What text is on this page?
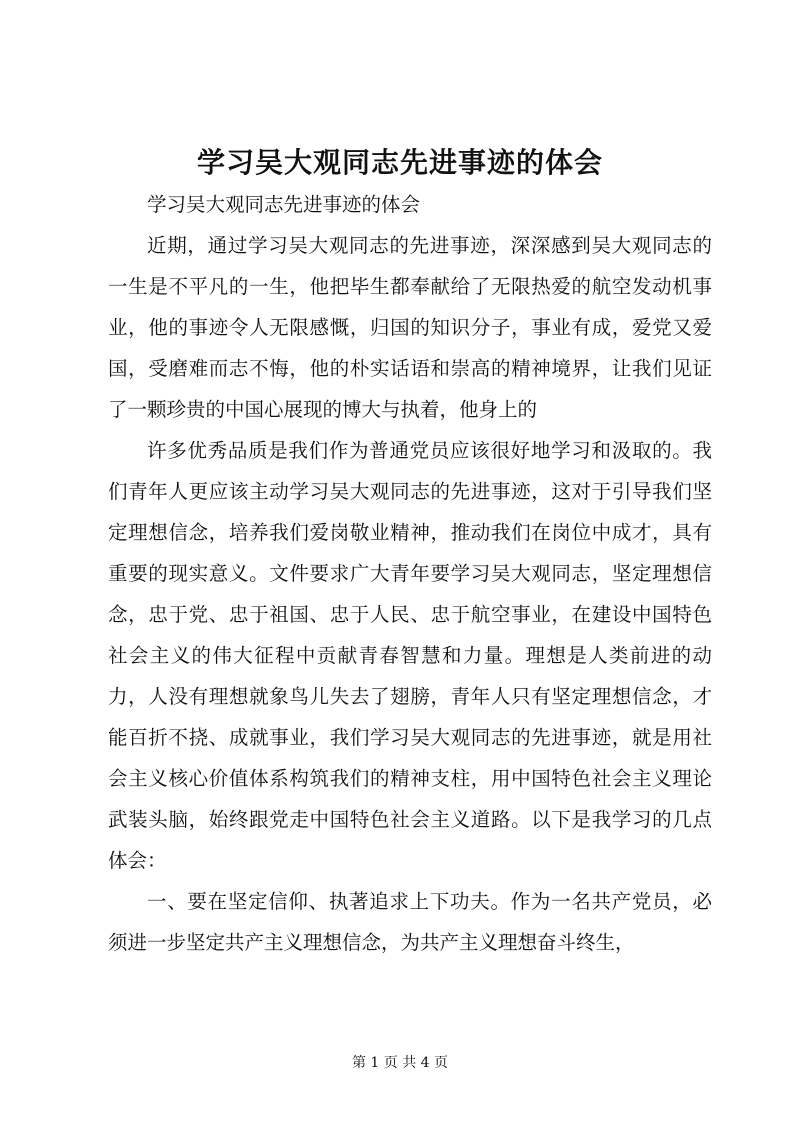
学习吴大观同志先进事迹的体会

学习吴大观同志先进事迹的体会

近期，通过学习吴大观同志的先进事迹，深深感到吴大观同志的一生是不平凡的一生，他把毕生都奉献给了无限热爱的航空发动机事业，他的事迹令人无限感慨，归国的知识分子，事业有成，爱党又爱国，受磨难而志不悔，他的朴实话语和崇高的精神境界，让我们见证了一颗珍贵的中国心展现的博大与执着，他身上的

许多优秀品质是我们作为普通党员应该很好地学习和汲取的。我们青年人更应该主动学习吴大观同志的先进事迹，这对于引导我们坚定理想信念，培养我们爱岗敬业精神，推动我们在岗位中成才，具有重要的现实意义。文件要求广大青年要学习吴大观同志，坚定理想信念，忠于党、忠于祖国、忠于人民、忠于航空事业，在建设中国特色社会主义的伟大征程中贡献青春智慧和力量。理想是人类前进的动力，人没有理想就象鸟儿失去了翅膀，青年人只有坚定理想信念，才能百折不挠、成就事业，我们学习吴大观同志的先进事迹，就是用社会主义核心价值体系构筑我们的精神支柱，用中国特色社会主义理论武装头脑，始终跟党走中国特色社会主义道路。以下是我学习的几点体会：

一、要在坚定信仰、执著追求上下功夫。作为一名共产党员，必须进一步坚定共产主义理想信念，为共产主义理想奋斗终生，

第 1 页 共 4 页
